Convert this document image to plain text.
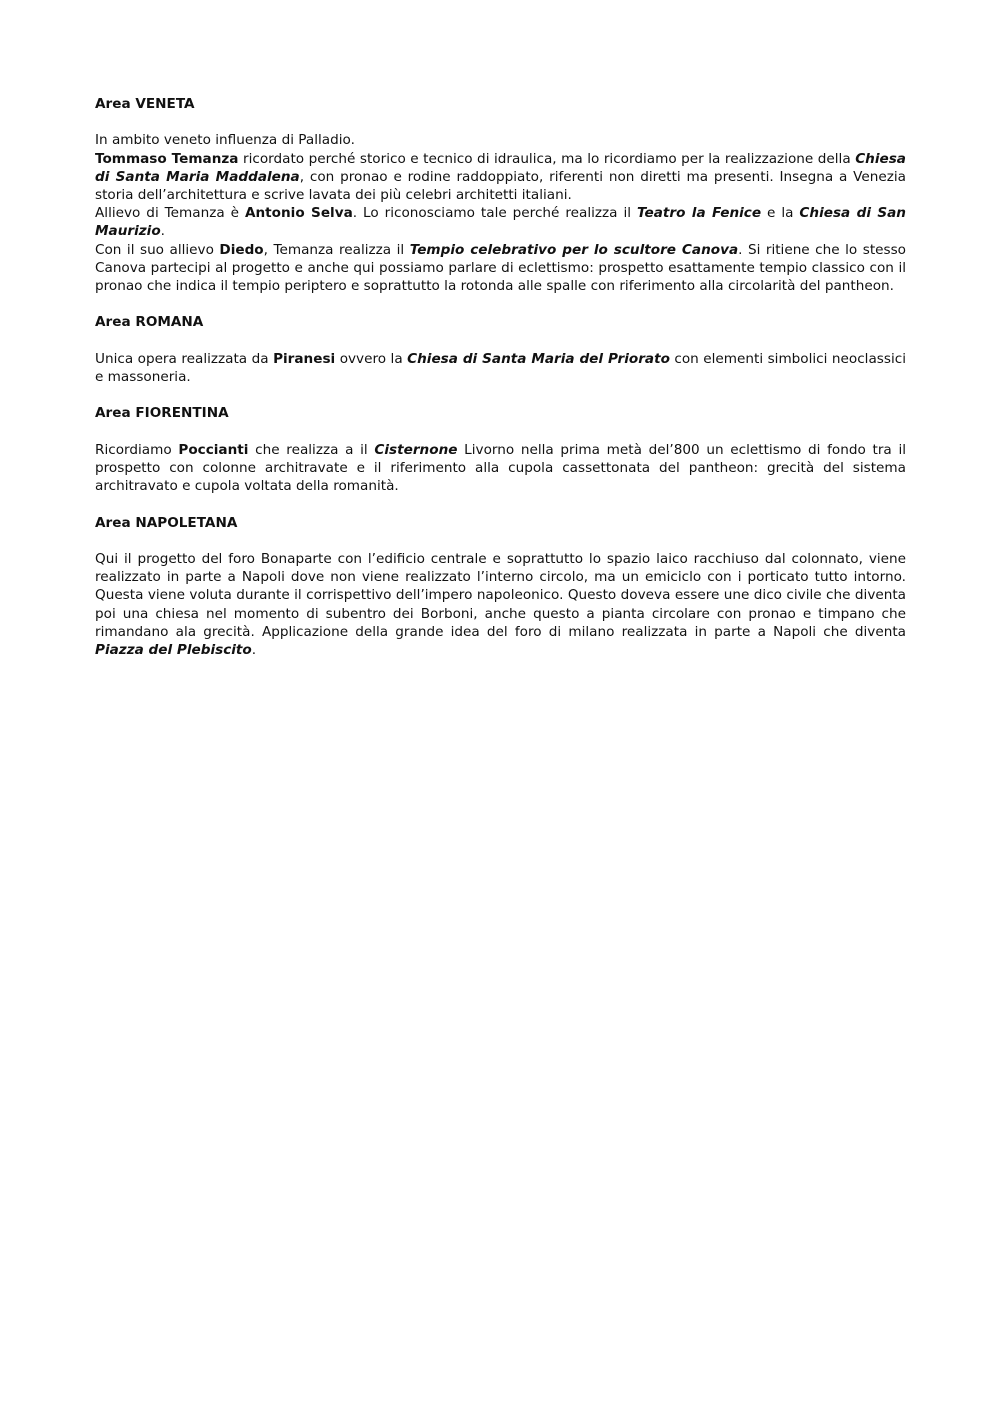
Area VENETA

In ambito veneto influenza di Palladio.

Tommaso Temanza ricordato perché storico e tecnico di idraulica, ma lo ricordiamo per la realizzazione della Chiesa di Santa Maria Maddalena, con pronao e rodine raddoppiato, riferenti non diretti ma presenti. Insegna a Venezia storia dell’architettura e scrive lavata dei più celebri architetti italiani.

Allievo di Temanza è Antonio Selva. Lo riconosciamo tale perché realizza il Teatro la Fenice e la Chiesa di San Maurizio.

Con il suo allievo Diedo, Temanza realizza il Tempio celebrativo per lo scultore Canova. Si ritiene che lo stesso Canova partecipi al progetto e anche qui possiamo parlare di eclettismo: prospetto esattamente tempio classico con il pronao che indica il tempio periptero e soprattutto la rotonda alle spalle con riferimento alla circolarità del pantheon.

Area ROMANA

Unica opera realizzata da Piranesi ovvero la Chiesa di Santa Maria del Priorato con elementi simbolici neoclassici e massoneria.

Area FIORENTINA

Ricordiamo Poccianti che realizza a il Cisternone Livorno nella prima metà del’800 un eclettismo di fondo tra il prospetto con colonne architravate e il riferimento alla cupola cassettonata del pantheon: grecità del sistema architravato e cupola voltata della romanità.

Area NAPOLETANA

Qui il progetto del foro Bonaparte con l’edificio centrale e soprattutto lo spazio laico racchiuso dal colonnato, viene realizzato in parte a Napoli dove non viene realizzato l’interno circolo, ma un emiciclo con i porticato tutto intorno. Questa viene voluta durante il corrispettivo dell’impero napoleonico. Questo doveva essere une dico civile che diventa poi una chiesa nel momento di subentro dei Borboni, anche questo a pianta circolare con pronao e timpano che rimandano ala grecità. Applicazione della grande idea del foro di milano realizzata in parte a Napoli che diventa Piazza del Plebiscito.
